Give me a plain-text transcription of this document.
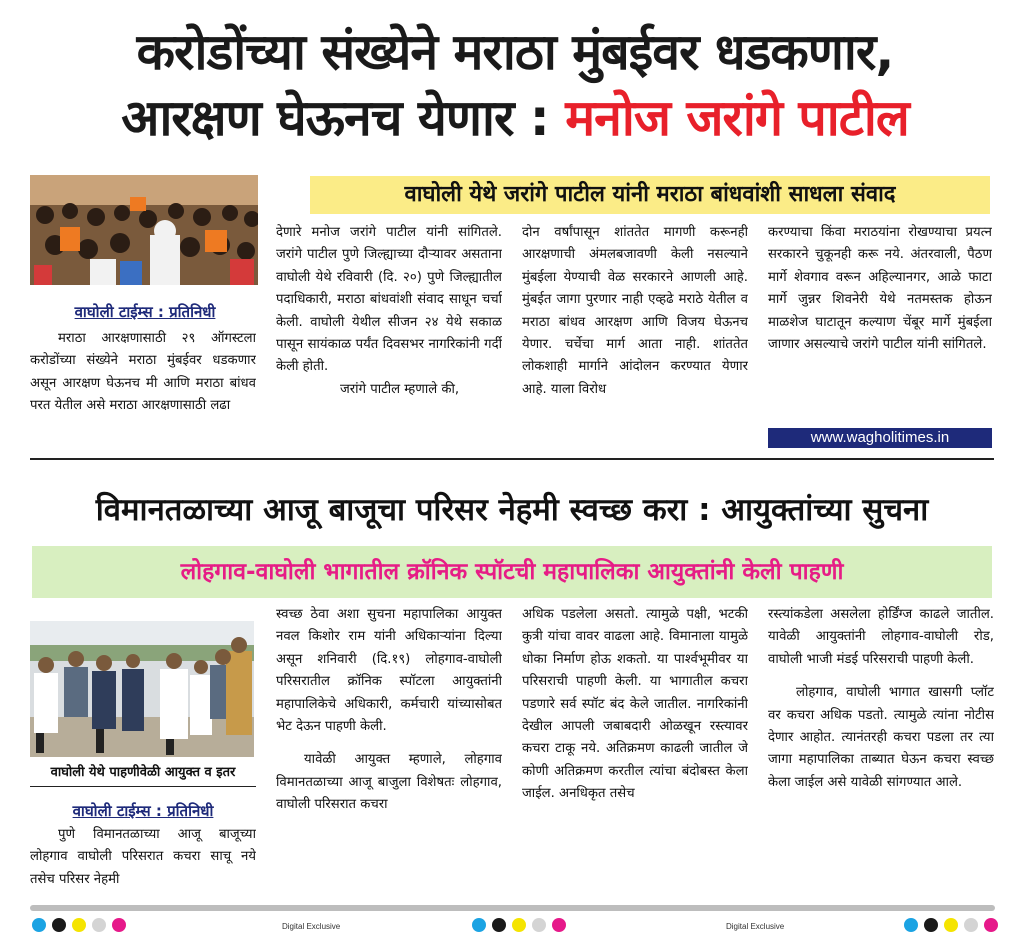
करोडोंच्या संख्येने मराठा मुंबईवर धडकणार,
आरक्षण घेऊनच येणार : मनोज जरांगे पाटील
वाघोली टाईम्स : प्रतिनिधी
वाघोली येथे जरांगे पाटील यांनी मराठा बांधवांशी साधला संवाद

मराठा आरक्षणासाठी २९ ऑगस्टला करोडोंच्या संख्येने मराठा मुंबईवर धडकणार असून आरक्षण घेऊनच मी आणि मराठा बांधव परत येतील असे मराठा आरक्षणासाठी लढा

देणारे मनोज जरांगे पाटील यांनी सांगितले. जरांगे पाटील पुणे जिल्ह्याच्या दौऱ्यावर असताना वाघोली येथे रविवारी (दि. २०) पुणे जिल्ह्यातील पदाधिकारी, मराठा बांधवांशी संवाद साधून चर्चा केली. वाघोली येथील सीजन २४ येथे सकाळ पासून सायंकाळ पर्यंत दिवसभर नागरिकांनी गर्दी केली होती.

जरांगे पाटील म्हणाले की,

दोन वर्षांपासून शांततेत मागणी करूनही आरक्षणाची अंमलबजावणी केली नसल्याने मुंबईला येण्याची वेळ सरकारने आणली आहे. मुंबईत जागा पुरणार नाही एव्हढे मराठे येतील व मराठा बांधव आरक्षण आणि विजय घेऊनच येणार. चर्चेचा मार्ग आता नाही. शांततेत लोकशाही मार्गाने आंदोलन करण्यात येणार आहे. याला विरोध

करण्याचा किंवा मराठयांना रोखण्याचा प्रयत्न सरकारने चुकूनही करू नये. अंतरवाली, पैठण मार्गे शेवगाव वरून अहिल्यानगर, आळे फाटा मार्गे जुन्नर शिवनेरी येथे नतमस्तक होऊन माळशेज घाटातून कल्याण चेंबूर मार्गे मुंबईला जाणार असल्याचे जरांगे पाटील यांनी सांगितले.

www.wagholitimes.in
विमानतळाच्या आजू बाजूचा परिसर नेहमी स्वच्छ करा : आयुक्तांच्या सुचना
लोहगाव-वाघोली भागातील क्रॉनिक स्पॉटची महापालिका आयुक्तांनी केली पाहणी
वाघोली येथे पाहणीवेळी आयुक्त व इतर
वाघोली टाईम्स : प्रतिनिधी

पुणे विमानतळाच्या आजू बाजूच्या लोहगाव वाघोली परिसरात कचरा साचू नये तसेच परिसर नेहमी

स्वच्छ ठेवा अशा सुचना महापालिका आयुक्त नवल किशोर राम यांनी अधिकाऱ्यांना दिल्या असून शनिवारी (दि.१९) लोहगाव-वाघोली परिसरातील क्रॉनिक स्पॉटला आयुक्तांनी महापालिकेचे अधिकारी, कर्मचारी यांच्यासोबत भेट देऊन पाहणी केली.

यावेळी आयुक्त म्हणाले, लोहगाव विमानतळाच्या आजू बाजुला विशेषतः लोहगाव, वाघोली परिसरात कचरा

अधिक पडलेला असतो. त्यामुळे पक्षी, भटकी कुत्री यांचा वावर वाढला आहे. विमानाला यामुळे धोका निर्माण होऊ शकतो. या पार्श्वभूमीवर या परिसराची पाहणी केली. या भागातील कचरा पडणारे सर्व स्पॉट बंद केले जातील. नागरिकांनी देखील आपली जबाबदारी ओळखून रस्त्यावर कचरा टाकू नये. अतिक्रमण काढली जातील जे कोणी अतिक्रमण करतील त्यांचा बंदोबस्त केला जाईल. अनधिकृत तसेच

रस्त्यांकडेला असलेला होर्डिंग्ज काढले जातील. यावेळी आयुक्तांनी लोहगाव-वाघोली रोड, वाघोली भाजी मंडई परिसराची पाहणी केली.

लोहगाव, वाघोली भागात खासगी प्लॉट वर कचरा अधिक पडतो. त्यामुळे त्यांना नोटीस देणार आहोत. त्यानंतरही कचरा पडला तर त्या जागा महापालिका ताब्यात घेऊन कचरा स्वच्छ केला जाईल असे यावेळी सांगण्यात आले.

Digital Exclusive	Digital Exclusive
